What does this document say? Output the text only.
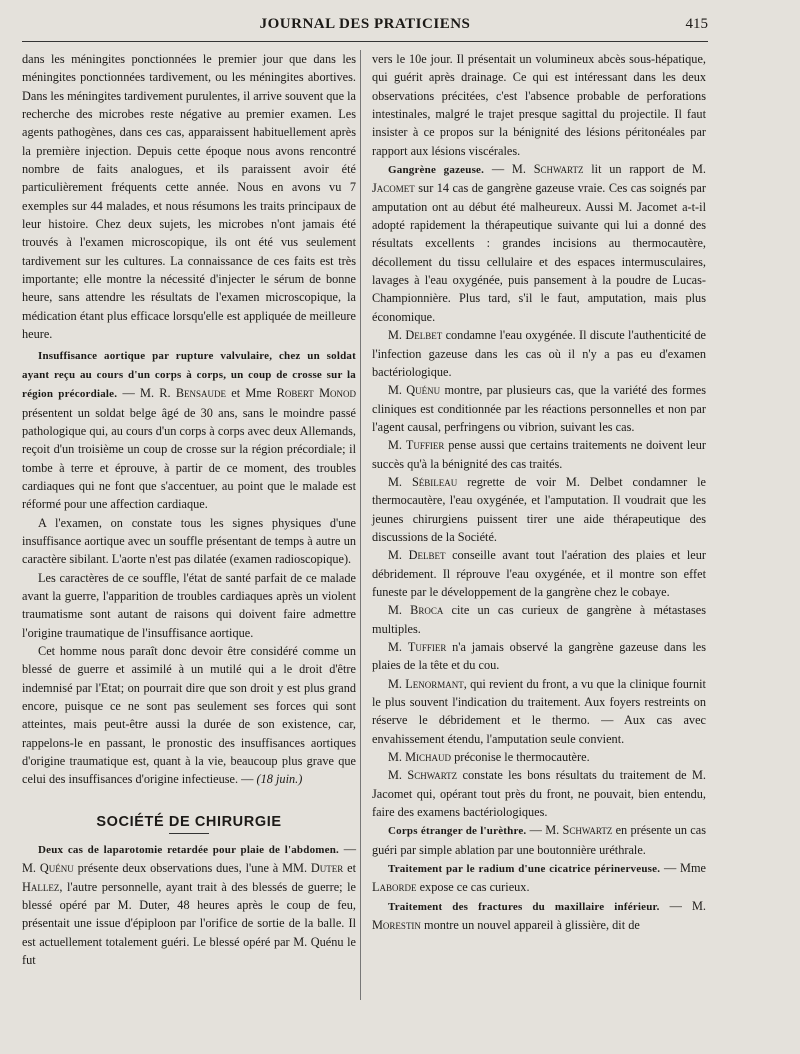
JOURNAL DES PRATICIENS	415

dans les méningites ponctionnées le premier jour que dans les méningites ponctionnées tardivement, ou les méningites abortives. Dans les méningites tardivement purulentes, il arrive souvent que la recherche des microbes reste négative au premier examen. Les agents pathogènes, dans ces cas, apparaissent habituellement après la première injection. Depuis cette époque nous avons rencontré nombre de faits analogues, et ils paraissent avoir été particulièrement fréquents cette année. Nous en avons vu 7 exemples sur 44 malades, et nous résumons les traits principaux de leur histoire. Chez deux sujets, les microbes n'ont jamais été trouvés à l'examen microscopique, ils ont été vus seulement tardivement sur les cultures. La connaissance de ces faits est très importante; elle montre la nécessité d'injecter le sérum de bonne heure, sans attendre les résultats de l'examen microscopique, la médication étant plus efficace lorsqu'elle est appliquée de meilleure heure.

Insuffisance aortique par rupture valvulaire, chez un soldat ayant reçu au cours d'un corps à corps, un coup de crosse sur la région précordiale. — M. R. Bensaude et Mme Robert Monod présentent un soldat belge âgé de 30 ans, sans le moindre passé pathologique qui, au cours d'un corps à corps avec deux Allemands, reçoit d'un troisième un coup de crosse sur la région précordiale; il tombe à terre et éprouve, à partir de ce moment, des troubles cardiaques qui ne font que s'accentuer, au point que le malade est réformé pour une affection cardiaque.

A l'examen, on constate tous les signes physiques d'une insuffisance aortique avec un souffle présentant de temps à autre un caractère sibilant. L'aorte n'est pas dilatée (examen radioscopique).

Les caractères de ce souffle, l'état de santé parfait de ce malade avant la guerre, l'apparition de troubles cardiaques après un violent traumatisme sont autant de raisons qui doivent faire admettre l'origine traumatique de l'insuffisance aortique.

Cet homme nous paraît donc devoir être considéré comme un blessé de guerre et assimilé à un mutilé qui a le droit d'être indemnisé par l'Etat; on pourrait dire que son droit y est plus grand encore, puisque ce ne sont pas seulement ses forces qui sont atteintes, mais peut-être aussi la durée de son existence, car, rappelons-le en passant, le pronostic des insuffisances aortiques d'origine traumatique est, quant à la vie, beaucoup plus grave que celui des insuffisances d'origine infectieuse. — (18 juin.)

SOCIÉTÉ DE CHIRURGIE

Deux cas de laparotomie retardée pour plaie de l'abdomen. — M. Quénu présente deux observations dues, l'une à MM. Duter et Hallez, l'autre personnelle, ayant trait à des blessés de guerre; le blessé opéré par M. Duter, 48 heures après le coup de feu, présentait une issue d'épiploon par l'orifice de sortie de la balle. Il est actuellement totalement guéri. Le blessé opéré par M. Quénu le fut

vers le 10e jour. Il présentait un volumineux abcès sous-hépatique, qui guérit après drainage. Ce qui est intéressant dans les deux observations précitées, c'est l'absence probable de perforations intestinales, malgré le trajet presque sagittal du projectile. Il faut insister à ce propos sur la bénignité des lésions péritonéales par rapport aux lésions viscérales.

Gangrène gazeuse. — M. Schwartz lit un rapport de M. Jacomet sur 14 cas de gangrène gazeuse vraie. Ces cas soignés par amputation ont au début été malheureux. Aussi M. Jacomet a-t-il adopté rapidement la thérapeutique suivante qui lui a donné des résultats excellents : grandes incisions au thermocautère, décollement du tissu cellulaire et des espaces intermusculaires, lavages à l'eau oxygénée, puis pansement à la poudre de Lucas-Championnière. Plus tard, s'il le faut, amputation, mais plus économique.

M. Delbet condamne l'eau oxygénée. Il discute l'authenticité de l'infection gazeuse dans les cas où il n'y a pas eu d'examen bactériologique.

M. Quénu montre, par plusieurs cas, que la variété des formes cliniques est conditionnée par les réactions personnelles et non par l'agent causal, perfringens ou vibrion, suivant les cas.

M. Tuffier pense aussi que certains traitements ne doivent leur succès qu'à la bénignité des cas traités.

M. Sébileau regrette de voir M. Delbet condamner le thermocautère, l'eau oxygénée, et l'amputation. Il voudrait que les jeunes chirurgiens puissent tirer une aide thérapeutique des discussions de la Société.

M. Delbet conseille avant tout l'aération des plaies et leur débridement. Il réprouve l'eau oxygénée, et il montre son effet funeste par le développement de la gangrène chez le cobaye.

M. Broca cite un cas curieux de gangrène à métastases multiples.

M. Tuffier n'a jamais observé la gangrène gazeuse dans les plaies de la tête et du cou.

M. Lenormant, qui revient du front, a vu que la clinique fournit le plus souvent l'indication du traitement. Aux foyers restreints on réserve le débridement et le thermo. — Aux cas avec envahissement étendu, l'amputation seule convient.

M. Michaud préconise le thermocautère.

M. Schwartz constate les bons résultats du traitement de M. Jacomet qui, opérant tout près du front, ne pouvait, bien entendu, faire des examens bactériologiques.

Corps étranger de l'urèthre. — M. Schwartz en présente un cas guéri par simple ablation par une boutonnière uréthrale.

Traitement par le radium d'une cicatrice périnerveuse. — Mme Laborde expose ce cas curieux.

Traitement des fractures du maxillaire inférieur. — M. Morestin montre un nouvel appareil à glissière, dit de
